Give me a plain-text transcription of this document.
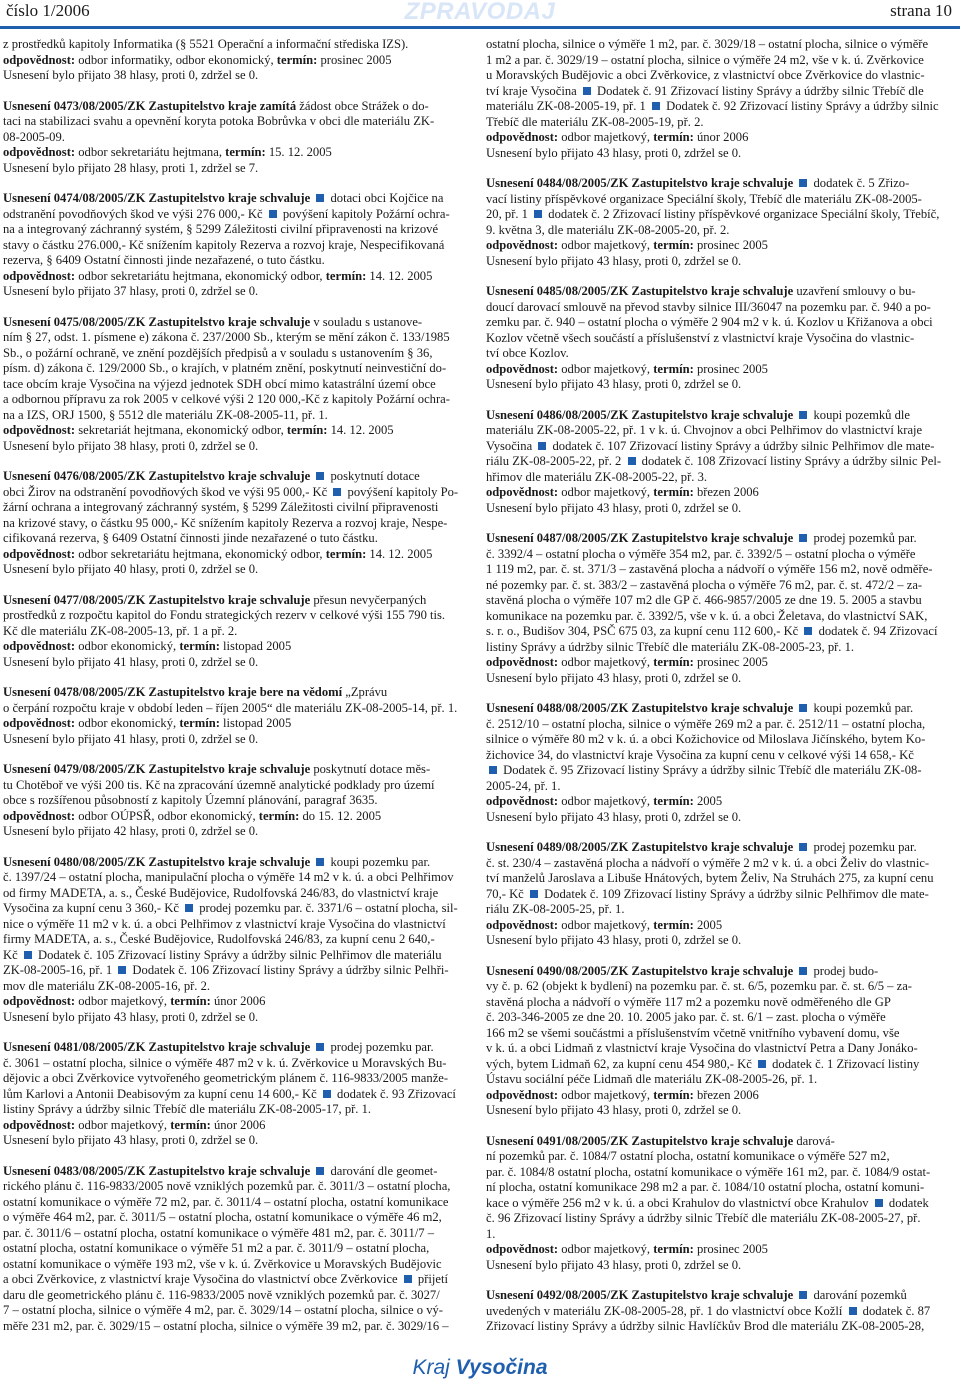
číslo 1/2006	ZPRAVODAJ	strana 10

z prostředků kapitoly Informatika (§ 5521 Operační a informační střediska IZS).
odpovědnost: odbor informatiky, odbor ekonomický, termín: prosinec 2005
Usnesení bylo přijato 38 hlasy, proti 0, zdržel se 0.

Usnesení 0473/08/2005/ZK Zastupitelstvo kraje zamítá žádost obce Strážek o do-
taci na stabilizaci svahu a opevnění koryta potoka Bobrůvka v obci dle materiálu ZK-
08-2005-09.
odpovědnost: odbor sekretariátu hejtmana, termín: 15. 12. 2005
Usnesení bylo přijato 28 hlasy, proti 1, zdržel se 7.

Usnesení 0474/08/2005/ZK Zastupitelstvo kraje schvaluje  dotaci obci Kojčice na
odstranění povodňových škod ve výši 276 000,- Kč  povýšení kapitoly Požární ochra-
na a integrovaný záchranný systém, § 5299 Záležitosti civilní připravenosti na krizové
stavy o částku 276.000,- Kč snížením kapitoly Rezerva a rozvoj kraje, Nespecifikovaná
rezerva, § 6409 Ostatní činnosti jinde nezařazené, o tuto částku.
odpovědnost: odbor sekretariátu hejtmana, ekonomický odbor, termín: 14. 12. 2005
Usnesení bylo přijato 37 hlasy, proti 0, zdržel se 0.

Usnesení 0475/08/2005/ZK Zastupitelstvo kraje schvaluje v souladu s ustanove-
ním § 27, odst. 1. písmene e) zákona č. 237/2000 Sb., kterým se mění zákon č. 133/1985
Sb., o požární ochraně, ve znění pozdějších předpisů a v souladu s ustanovením § 36,
písm. d) zákona č. 129/2000 Sb., o krajích, v platném znění, poskytnutí neinvestiční do-
tace obcím kraje Vysočina na výjezd jednotek SDH obcí mimo katastrální území obce
a odbornou přípravu za rok 2005 v celkové výši 2 120 000,-Kč z kapitoly Požární ochra-
na a IZS, ORJ 1500, § 5512 dle materiálu ZK-08-2005-11, př. 1.
odpovědnost: sekretariát hejtmana, ekonomický odbor, termín: 14. 12. 2005
Usnesení bylo přijato 38 hlasy, proti 0, zdržel se 0.

Usnesení 0476/08/2005/ZK Zastupitelstvo kraje schvaluje  poskytnutí dotace
obci Žirov na odstranění povodňových škod ve výši 95 000,- Kč  povýšení kapitoly Po-
žární ochrana a integrovaný záchranný systém, § 5299 Záležitosti civilní připravenosti
na krizové stavy, o částku 95 000,- Kč snížením kapitoly Rezerva a rozvoj kraje, Nespe-
cifikovaná rezerva, § 6409 Ostatní činnosti jinde nezařazené o tuto částku.
odpovědnost: odbor sekretariátu hejtmana, ekonomický odbor, termín: 14. 12. 2005
Usnesení bylo přijato 40 hlasy, proti 0, zdržel se 0.

Usnesení 0477/08/2005/ZK Zastupitelstvo kraje schvaluje přesun nevyčerpaných
prostředků z rozpočtu kapitol do Fondu strategických rezerv v celkové výši 155 790 tis.
Kč dle materiálu ZK-08-2005-13, př. 1 a př. 2.
odpovědnost: odbor ekonomický, termín: listopad 2005
Usnesení bylo přijato 41 hlasy, proti 0, zdržel se 0.

Usnesení 0478/08/2005/ZK Zastupitelstvo kraje bere na vědomí „Zprávu
o čerpání rozpočtu kraje v období leden – říjen 2005“ dle materiálu ZK-08-2005-14, př. 1.
odpovědnost: odbor ekonomický, termín: listopad 2005
Usnesení bylo přijato 41 hlasy, proti 0, zdržel se 0.

Usnesení 0479/08/2005/ZK Zastupitelstvo kraje schvaluje poskytnutí dotace měs-
tu Chotěboř ve výši 200 tis. Kč na zpracování územně analytické podklady pro území
obce s rozšířenou působností z kapitoly Územní plánování, paragraf 3635.
odpovědnost: odbor OÚPSŘ, odbor ekonomický, termín: do 15. 12. 2005
Usnesení bylo přijato 42 hlasy, proti 0, zdržel se 0.

Usnesení 0480/08/2005/ZK Zastupitelstvo kraje schvaluje  koupi pozemku par.
č. 1397/24 – ostatní plocha, manipulační plocha o výměře 14 m2 v k. ú. a obci Pelhřimov
od firmy MADETA, a. s., České Budějovice, Rudolfovská 246/83, do vlastnictví kraje
Vysočina za kupní cenu 3 360,- Kč  prodej pozemku par. č. 3371/6 – ostatní plocha, sil-
nice o výměře 11 m2 v k. ú. a obci Pelhřimov z vlastnictví kraje Vysočina do vlastnictví
firmy MADETA, a. s., České Budějovice, Rudolfovská 246/83, za kupní cenu 2 640,-
Kč  Dodatek č. 105 Zřizovací listiny Správy a údržby silnic Pelhřimov dle materiálu
ZK-08-2005-16, př. 1  Dodatek č. 106 Zřizovací listiny Správy a údržby silnic Pelhři-
mov dle materiálu ZK-08-2005-16, př. 2.
odpovědnost: odbor majetkový, termín: únor 2006
Usnesení bylo přijato 43 hlasy, proti 0, zdržel se 0.

Usnesení 0481/08/2005/ZK Zastupitelstvo kraje schvaluje  prodej pozemku par.
č. 3061 – ostatní plocha, silnice o výměře 487 m2 v k. ú. Zvěrkovice u Moravských Bu-
dějovic a obci Zvěrkovice vytvořeného geometrickým plánem č. 116-9833/2005 manže-
lům Karlovi a Antonii Deabisovým za kupní cenu 14 600,- Kč  dodatek č. 93 Zřizovací
listiny Správy a údržby silnic Třebíč dle materiálu ZK-08-2005-17, př. 1.
odpovědnost: odbor majetkový, termín: únor 2006
Usnesení bylo přijato 43 hlasy, proti 0, zdržel se 0.

Usnesení 0483/08/2005/ZK Zastupitelstvo kraje schvaluje  darování dle geomet-
rického plánu č. 116-9833/2005 nově vzniklých pozemků par. č. 3011/3 – ostatní plocha,
ostatní komunikace o výměře 72 m2, par. č. 3011/4 – ostatní plocha, ostatní komunikace
o výměře 464 m2, par. č. 3011/5 – ostatní plocha, ostatní komunikace o výměře 46 m2,
par. č. 3011/6 – ostatní plocha, ostatní komunikace o výměře 481 m2, par. č. 3011/7 –
ostatní plocha, ostatní komunikace o výměře 51 m2 a par. č. 3011/9 – ostatní plocha,
ostatní komunikace o výměře 193 m2, vše v k. ú. Zvěrkovice u Moravských Budějovic
a obci Zvěrkovice, z vlastnictví kraje Vysočina do vlastnictví obce Zvěrkovice  přijetí
daru dle geometrického plánu č. 116-9833/2005 nově vzniklých pozemků par. č. 3027/
7 – ostatní plocha, silnice o výměře 4 m2, par. č. 3029/14 – ostatní plocha, silnice o vý-
měře 231 m2, par. č. 3029/15 – ostatní plocha, silnice o výměře 39 m2, par. č. 3029/16 –

ostatní plocha, silnice o výměře 1 m2, par. č. 3029/18 – ostatní plocha, silnice o výměře
1 m2 a par. č. 3029/19 – ostatní plocha, silnice o výměře 24 m2, vše v k. ú. Zvěrkovice
u Moravských Budějovic a obci Zvěrkovice, z vlastnictví obce Zvěrkovice do vlastnic-
tví kraje Vysočina  Dodatek č. 91 Zřizovací listiny Správy a údržby silnic Třebíč dle
materiálu ZK-08-2005-19, př. 1  Dodatek č. 92 Zřizovací listiny Správy a údržby silnic
Třebíč dle materiálu ZK-08-2005-19, př. 2.
odpovědnost: odbor majetkový, termín: únor 2006
Usnesení bylo přijato 43 hlasy, proti 0, zdržel se 0.

Usnesení 0484/08/2005/ZK Zastupitelstvo kraje schvaluje  dodatek č. 5 Zřizo-
vací listiny příspěvkové organizace Speciální školy, Třebíč dle materiálu ZK-08-2005-
20, př. 1  dodatek č. 2 Zřizovací listiny příspěvkové organizace Speciální školy, Třebíč,
9. května 3, dle materiálu ZK-08-2005-20, př. 2.
odpovědnost: odbor majetkový, termín: prosinec 2005
Usnesení bylo přijato 43 hlasy, proti 0, zdržel se 0.

Usnesení 0485/08/2005/ZK Zastupitelstvo kraje schvaluje uzavření smlouvy o bu-
doucí darovací smlouvě na převod stavby silnice III/36047 na pozemku par. č. 940 a po-
zemku par. č. 940 – ostatní plocha o výměře 2 904 m2 v k. ú. Kozlov u Křižanova a obci
Kozlov včetně všech součástí a příslušenství z vlastnictví kraje Vysočina do vlastnic-
tví obce Kozlov.
odpovědnost: odbor majetkový, termín: prosinec 2005
Usnesení bylo přijato 43 hlasy, proti 0, zdržel se 0.

Usnesení 0486/08/2005/ZK Zastupitelstvo kraje schvaluje  koupi pozemků dle
materiálu ZK-08-2005-22, př. 1 v k. ú. Chvojnov a obci Pelhřimov do vlastnictví kraje
Vysočina  dodatek č. 107 Zřizovací listiny Správy a údržby silnic Pelhřimov dle mate-
riálu ZK-08-2005-22, př. 2  dodatek č. 108 Zřizovací listiny Správy a údržby silnic Pel-
hřimov dle materiálu ZK-08-2005-22, př. 3.
odpovědnost: odbor majetkový, termín: březen 2006
Usnesení bylo přijato 43 hlasy, proti 0, zdržel se 0.

Usnesení 0487/08/2005/ZK Zastupitelstvo kraje schvaluje  prodej pozemků par.
č. 3392/4 – ostatní plocha o výměře 354 m2, par. č. 3392/5 – ostatní plocha o výměře
1 119 m2, par. č. st. 371/3 – zastavěná plocha a nádvoří o výměře 156 m2, nově odměře-
né pozemky par. č. st. 383/2 – zastavěná plocha o výměře 76 m2, par. č. st. 472/2 – za-
stavěná plocha o výměře 107 m2 dle GP č. 466-9857/2005 ze dne 19. 5. 2005 a stavbu
komunikace na pozemku par. č. 3392/5, vše v k. ú. a obci Želetava, do vlastnictví SAK,
s. r. o., Budišov 304, PSČ 675 03, za kupní cenu 112 600,- Kč  dodatek č. 94 Zřizovací
listiny Správy a údržby silnic Třebíč dle materiálu ZK-08-2005-23, př. 1.
odpovědnost: odbor majetkový, termín: prosinec 2005
Usnesení bylo přijato 43 hlasy, proti 0, zdržel se 0.

Usnesení 0488/08/2005/ZK Zastupitelstvo kraje schvaluje  koupi pozemků par.
č. 2512/10 – ostatní plocha, silnice o výměře 269 m2 a par. č. 2512/11 – ostatní plocha,
silnice o výměře 80 m2 v k. ú. a obci Kožichovice od Miloslava Jičínského, bytem Ko-
žichovice 34, do vlastnictví kraje Vysočina za kupní cenu v celkové výši 14 658,- Kč
Dodatek č. 95 Zřizovací listiny Správy a údržby silnic Třebíč dle materiálu ZK-08-
2005-24, př. 1.
odpovědnost: odbor majetkový, termín: 2005
Usnesení bylo přijato 43 hlasy, proti 0, zdržel se 0.

Usnesení 0489/08/2005/ZK Zastupitelstvo kraje schvaluje  prodej pozemku par.
č. st. 230/4 – zastavěná plocha a nádvoří o výměře 2 m2 v k. ú. a obci Želiv do vlastnic-
tví manželů Jaroslava a Libuše Hnátových, bytem Želiv, Na Struhách 275, za kupní cenu
70,- Kč  Dodatek č. 109 Zřizovací listiny Správy a údržby silnic Pelhřimov dle mate-
riálu ZK-08-2005-25, př. 1.
odpovědnost: odbor majetkový, termín: 2005
Usnesení bylo přijato 43 hlasy, proti 0, zdržel se 0.

Usnesení 0490/08/2005/ZK Zastupitelstvo kraje schvaluje  prodej budo-
vy č. p. 62 (objekt k bydlení) na pozemku par. č. st. 6/5, pozemku par. č. st. 6/5 – za-
stavěná plocha a nádvoří o výměře 117 m2 a pozemku nově odměřeného dle GP
č. 203-346-2005 ze dne 20. 10. 2005 jako par. č. st. 6/1 – zast. plocha o výměře
166 m2 se všemi součástmi a příslušenstvím včetně vnitřního vybavení domu, vše
v k. ú. a obci Lidmaň z vlastnictví kraje Vysočina do vlastnictví Petra a Dany Jonáko-
vých, bytem Lidmaň 62, za kupní cenu 454 980,- Kč  dodatek č. 1 Zřizovací listiny
Ústavu sociální péče Lidmaň dle materiálu ZK-08-2005-26, př. 1.
odpovědnost: odbor majetkový, termín: březen 2006
Usnesení bylo přijato 43 hlasy, proti 0, zdržel se 0.

Usnesení 0491/08/2005/ZK Zastupitelstvo kraje schvaluje darová-
ní pozemků par. č. 1084/7 ostatní plocha, ostatní komunikace o výměře 527 m2,
par. č. 1084/8 ostatní plocha, ostatní komunikace o výměře 161 m2, par. č. 1084/9 ostat-
ní plocha, ostatní komunikace 298 m2 a par. č. 1084/10 ostatní plocha, ostatní komuni-
kace o výměře 256 m2 v k. ú. a obci Krahulov do vlastnictví obce Krahulov  dodatek
č. 96 Zřizovací listiny Správy a údržby silnic Třebíč dle materiálu ZK-08-2005-27, př.
1.
odpovědnost: odbor majetkový, termín: prosinec 2005
Usnesení bylo přijato 43 hlasy, proti 0, zdržel se 0.

Usnesení 0492/08/2005/ZK Zastupitelstvo kraje schvaluje  darování pozemků
uvedených v materiálu ZK-08-2005-28, př. 1 do vlastnictví obce Kožlí  dodatek č. 87
Zřizovací listiny Správy a údržby silnic Havlíčkův Brod dle materiálu ZK-08-2005-28,

Kraj Vysočina
